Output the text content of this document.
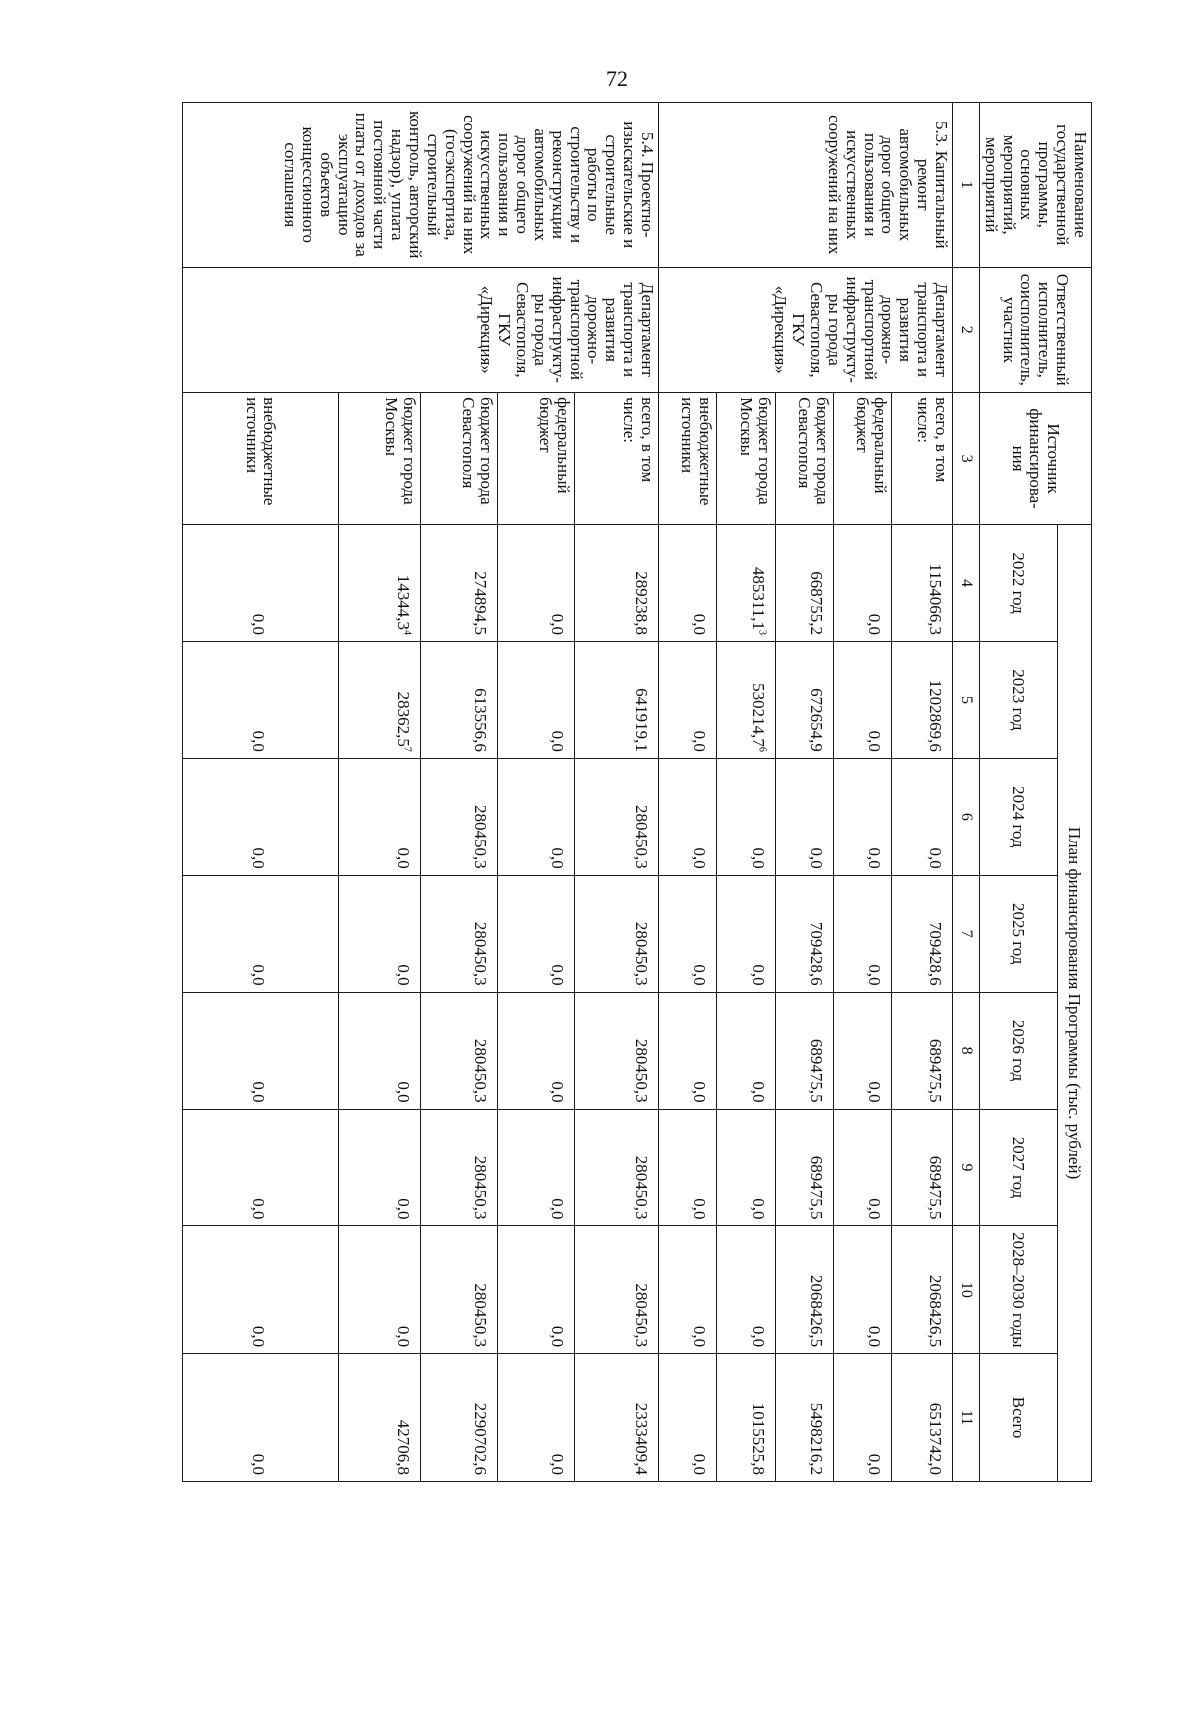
72
Наименование государственной программы, основных мероприятий, мероприятий	Ответственный исполнитель, соисполнитель, участник	Источник финансирова-ния	План финансирования Программы (тыс. рублей)							
			2022 год	2023 год	2024 год	2025 год	2026 год	2027 год	2028–2030 годы	Всего
1	2	3	4	5	6	7	8	9	10	11
5.3. Капитальный ремонт автомобильных дорог общего пользования и искусственных сооружений на них	Департамент транспорта и развития дорожно-транспортной инфраструкту-ры города Севастополя, ГКУ «Дирекция»	всего, в том числе:	1154066,3	1202869,6	0,0	709428,6	689475,5	689475,5	2068426,5	6513742,0
		федеральный бюджет	0,0	0,0	0,0	0,0	0,0	0,0	0,0	0,0
		бюджет города Севастополя	668755,2	672654,9	0,0	709428,6	689475,5	689475,5	2068426,5	5498216,2
		бюджет города Москвы	485311,1$^3$	530214,7$^6$	0,0	0,0	0,0	0,0	0,0	1015525,8
		внебюджетные источники	0,0	0,0	0,0	0,0	0,0	0,0	0,0	0,0
5.4. Проектно-изыскательские и строительные работы по строительству и реконструкции автомобильных дорог общего пользования и искусственных сооружений на них (госэкспертиза, строительный контроль, авторский надзор), уплата постоянной части платы от доходов за эксплуатацию объектов концессионного соглашения	Департамент транспорта и развития дорожно-транспортной инфраструкту-ры города Севастополя, ГКУ «Дирекция»	всего, в том числе:	289238,8	641919,1	280450,3	280450,3	280450,3	280450,3	280450,3	2333409,4
		федеральный бюджет	0,0	0,0	0,0	0,0	0,0	0,0	0,0	0,0
		бюджет города Севастополя	274894,5	613556,6	280450,3	280450,3	280450,3	280450,3	280450,3	2290702,6
		бюджет города Москвы	14344,3$^4$	28362,5$^7$	0,0	0,0	0,0	0,0	0,0	42706,8
		внебюджетные источники	0,0	0,0	0,0	0,0	0,0	0,0	0,0	0,0
